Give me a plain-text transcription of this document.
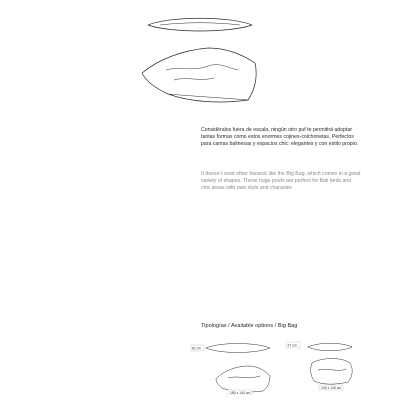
Considéralos fuera de escala, ningún otro puf te permitirá adoptar tantas formas como estos enormes cojines-colchonetas. Perfectos para camas balinesas y espacios chic: elegantes y con estilo propio.

It doesn´t exist other fasseck like the Big Bag, which comes in a great variety of shapes. These huge poufs are perfect for Bali beds and chic areas with own style and character.

Tipologías / Available options / Big Bag

30 cm
180 x 140 cm
27 cm
140 x 140 cm
